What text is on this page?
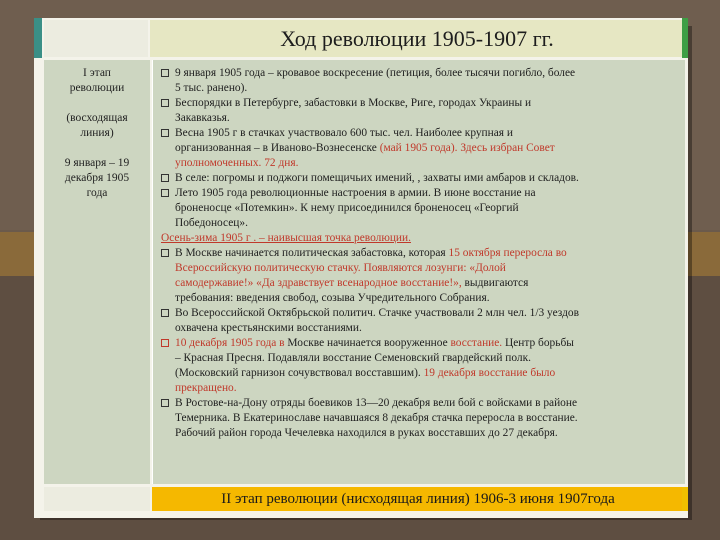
Ход революции 1905-1907 гг.
I этап
революции
(восходящая
линия)
9 января – 19
декабря 1905
года
9 января 1905 года – кровавое воскресение (петиция, более тысячи погибло, более
5 тыс. ранено).
Беспорядки в Петербурге, забастовки в Москве, Риге, городах Украины и
Закавказья.
Весна 1905 г в стачках участвовало 600 тыс. чел. Наиболее крупная и
организованная – в Иваново-Вознесенске (май 1905 года). Здесь избран Совет
уполномоченных. 72 дня.
В селе: погромы и поджоги помещичьих имений, , захваты ими амбаров и складов.
Лето 1905 года революционные настроения в армии. В июне восстание на
броненосце «Потемкин». К нему присоединился броненосец «Георгий
Победоносец».
Осень-зима 1905 г . – наивысшая точка революции.
В Москве начинается политическая забастовка, которая 15 октября переросла во
Всероссийскую политическую стачку. Появляются лозунги: «Долой
самодержавие!» «Да здравствует всенародное восстание!», выдвигаются
требования: введения свобод, созыва Учредительного Собрания.
Во Всероссийской Октябрьской политич. Стачке участвовали 2 млн чел. 1/3 уездов
охвачена крестьянскими восстаниями.
10 декабря 1905 года в Москве начинается вооруженное восстание. Центр борьбы
– Красная Пресня. Подавляли восстание Семеновский гвардейский полк.
(Московский гарнизон сочувствовал восставшим). 19 декабря восстание было
прекращено.
В Ростове-на-Дону отряды боевиков 13—20 декабря вели бой с войсками в районе
Темерника. В Екатеринославе начавшаяся 8 декабря стачка переросла в восстание.
Рабочий район города Чечелевка находился в руках восставших до 27 декабря.
II этап революции (нисходящая линия) 1906-3 июня 1907года
